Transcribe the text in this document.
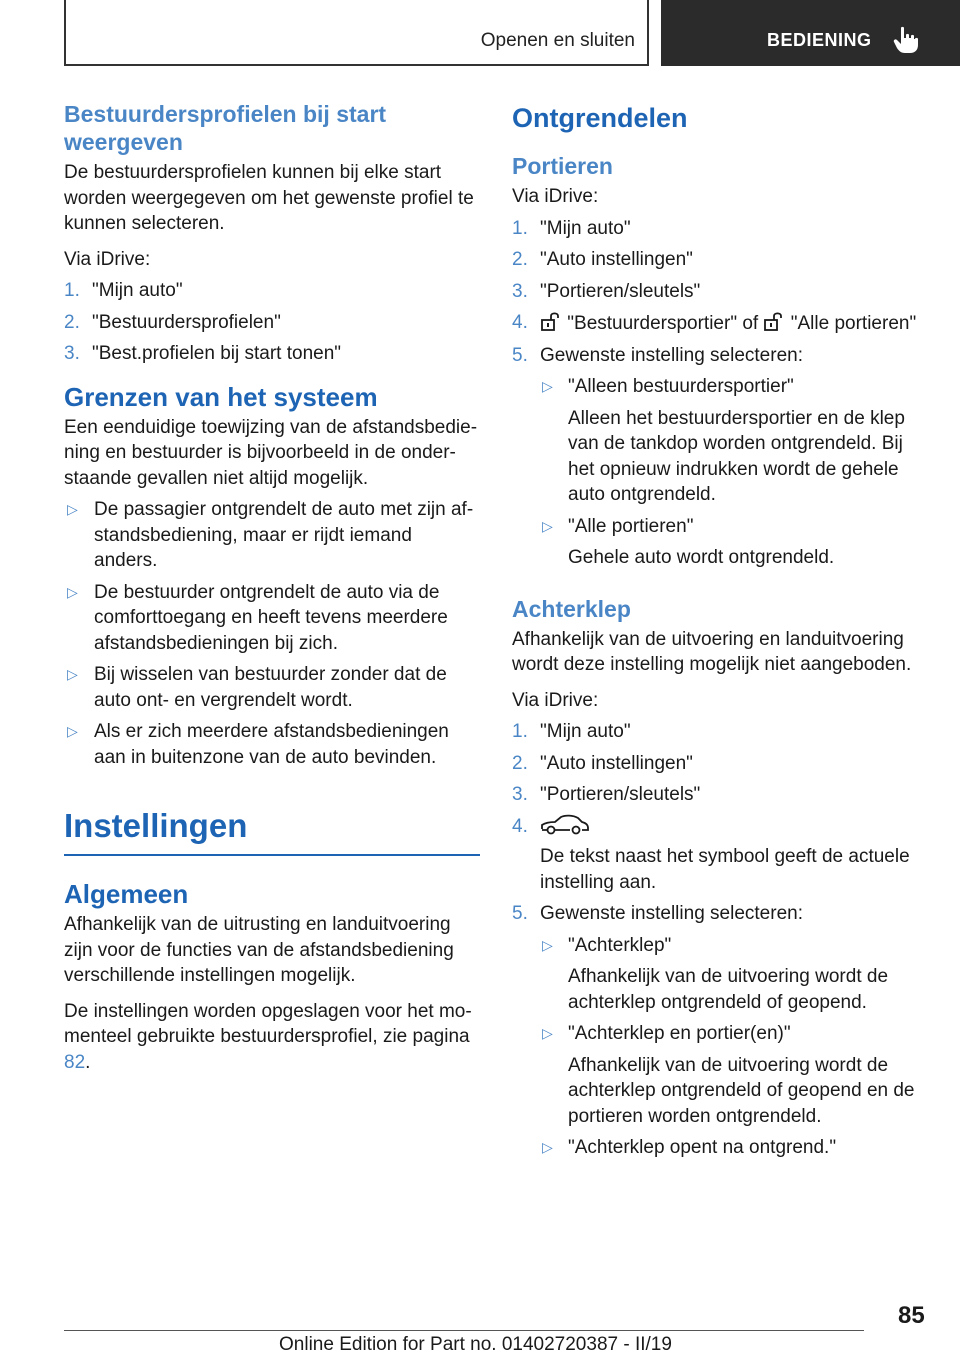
Openen en sluiten	BEDIENING
Bestuurdersprofielen bij start weergeven

De bestuurdersprofielen kunnen bij elke start worden weergegeven om het gewenste profiel te kunnen selecteren.

Via iDrive:

1. "Mijn auto"
2. "Bestuurdersprofielen"
3. "Best.profielen bij start tonen"
Grenzen van het systeem

Een eenduidige toewijzing van de afstandsbediening en bestuurder is bijvoorbeeld in de onderstaande gevallen niet altijd mogelijk.

▷ De passagier ontgrendelt de auto met zijn afstandsbediening, maar er rijdt iemand anders.
▷ De bestuurder ontgrendelt de auto via de comforttoegang en heeft tevens meerdere afstandsbedieningen bij zich.
▷ Bij wisselen van bestuurder zonder dat de auto ont- en vergrendelt wordt.
▷ Als er zich meerdere afstandsbedieningen aan in buitenzone van de auto bevinden.
Instellingen
Algemeen

Afhankelijk van de uitrusting en landuitvoering zijn voor de functies van de afstandsbediening verschillende instellingen mogelijk.

De instellingen worden opgeslagen voor het momenteel gebruikte bestuurdersprofiel, zie pagina 82.

Ontgrendelen
Portieren

Via iDrive:

1. "Mijn auto"
2. "Auto instellingen"
3. "Portieren/sleutels"
4. "Bestuurdersportier" of "Alle portieren"
5. Gewenste instelling selecteren:
▷ "Alleen bestuurdersportier"
Alleen het bestuurdersportier en de klep van de tankdop worden ontgrendeld. Bij het opnieuw indrukken wordt de gehele auto ontgrendeld.
▷ "Alle portieren"
Gehele auto wordt ontgrendeld.
Achterklep

Afhankelijk van de uitvoering en landuitvoering wordt deze instelling mogelijk niet aangeboden.

Via iDrive:

1. "Mijn auto"
2. "Auto instellingen"
3. "Portieren/sleutels"
4.
De tekst naast het symbool geeft de actuele instelling aan.
5. Gewenste instelling selecteren:
▷ "Achterklep"
Afhankelijk van de uitvoering wordt de achterklep ontgrendeld of geopend.
▷ "Achterklep en portier(en)"
Afhankelijk van de uitvoering wordt de achterklep ontgrendeld of geopend en de portieren worden ontgrendeld.
▷ "Achterklep opent na ontgrend."
85
Online Edition for Part no. 01402720387 - II/19
